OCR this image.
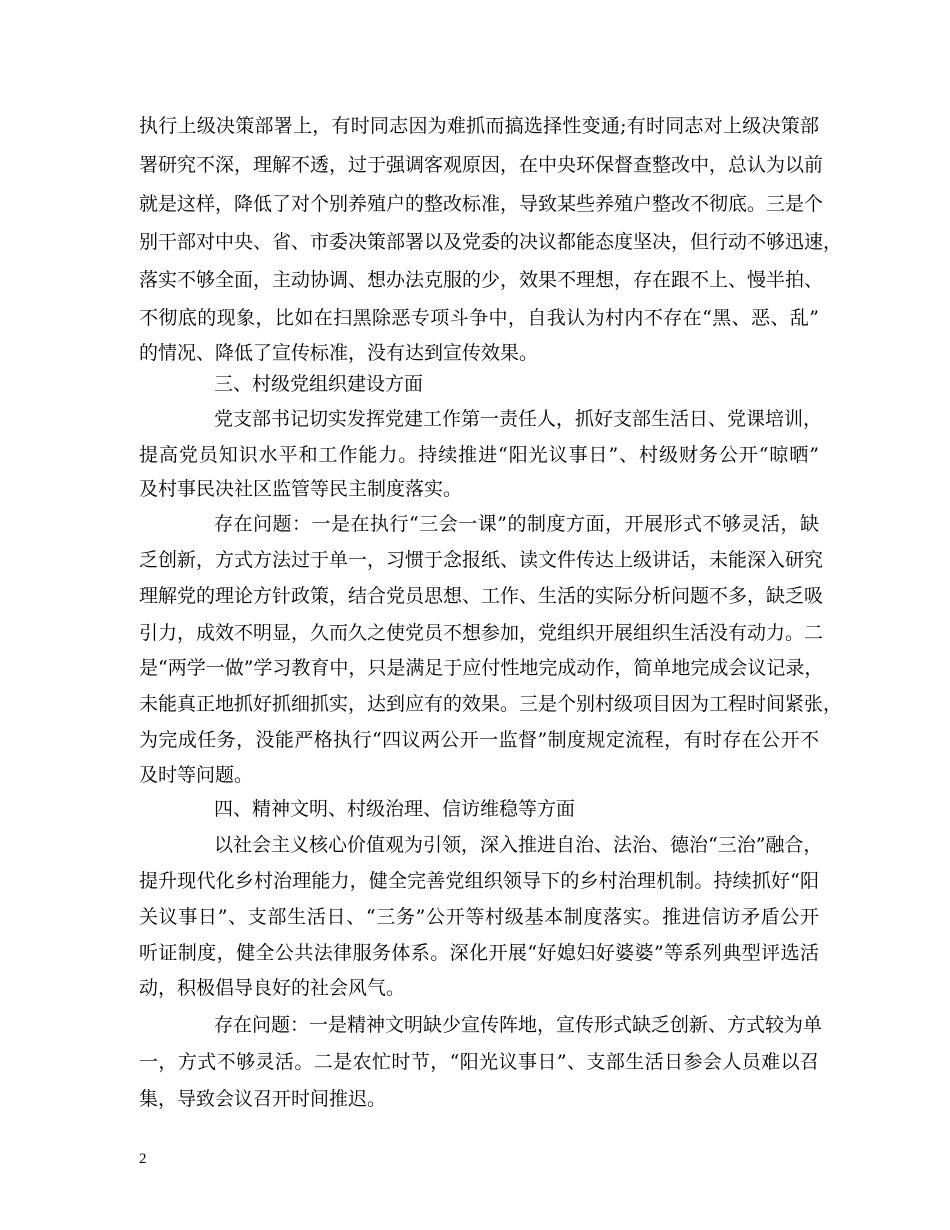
执行上级决策部署上，有时同志因为难抓而搞选择性变通;有时同志对上级决策部
署研究不深，理解不透，过于强调客观原因，在中央环保督查整改中，总认为以前
就是这样，降低了对个别养殖户的整改标准，导致某些养殖户整改不彻底。三是个
别干部对中央、省、市委决策部署以及党委的决议都能态度坚决，但行动不够迅速，
落实不够全面，主动协调、想办法克服的少，效果不理想，存在跟不上、慢半拍、
不彻底的现象，比如在扫黑除恶专项斗争中，自我认为村内不存在“黑、恶、乱”
的情况、降低了宣传标准，没有达到宣传效果。
三、村级党组织建设方面
党支部书记切实发挥党建工作第一责任人，抓好支部生活日、党课培训，
提高党员知识水平和工作能力。持续推进“阳光议事日”、村级财务公开“晾晒”
及村事民决社区监管等民主制度落实。
存在问题：一是在执行“三会一课”的制度方面，开展形式不够灵活，缺
乏创新，方式方法过于单一，习惯于念报纸、读文件传达上级讲话，未能深入研究
理解党的理论方针政策，结合党员思想、工作、生活的实际分析问题不多，缺乏吸
引力，成效不明显，久而久之使党员不想参加，党组织开展组织生活没有动力。二
是“两学一做”学习教育中，只是满足于应付性地完成动作，简单地完成会议记录，
未能真正地抓好抓细抓实，达到应有的效果。三是个别村级项目因为工程时间紧张，
为完成任务，没能严格执行“四议两公开一监督”制度规定流程，有时存在公开不
及时等问题。
四、精神文明、村级治理、信访维稳等方面
以社会主义核心价值观为引领，深入推进自治、法治、德治“三治”融合，
提升现代化乡村治理能力，健全完善党组织领导下的乡村治理机制。持续抓好“阳
关议事日”、支部生活日、“三务”公开等村级基本制度落实。推进信访矛盾公开
听证制度，健全公共法律服务体系。深化开展“好媳妇好婆婆”等系列典型评选活
动，积极倡导良好的社会风气。
存在问题：一是精神文明缺少宣传阵地，宣传形式缺乏创新、方式较为单
一，方式不够灵活。二是农忙时节，“阳光议事日”、支部生活日参会人员难以召
集，导致会议召开时间推迟。
2
